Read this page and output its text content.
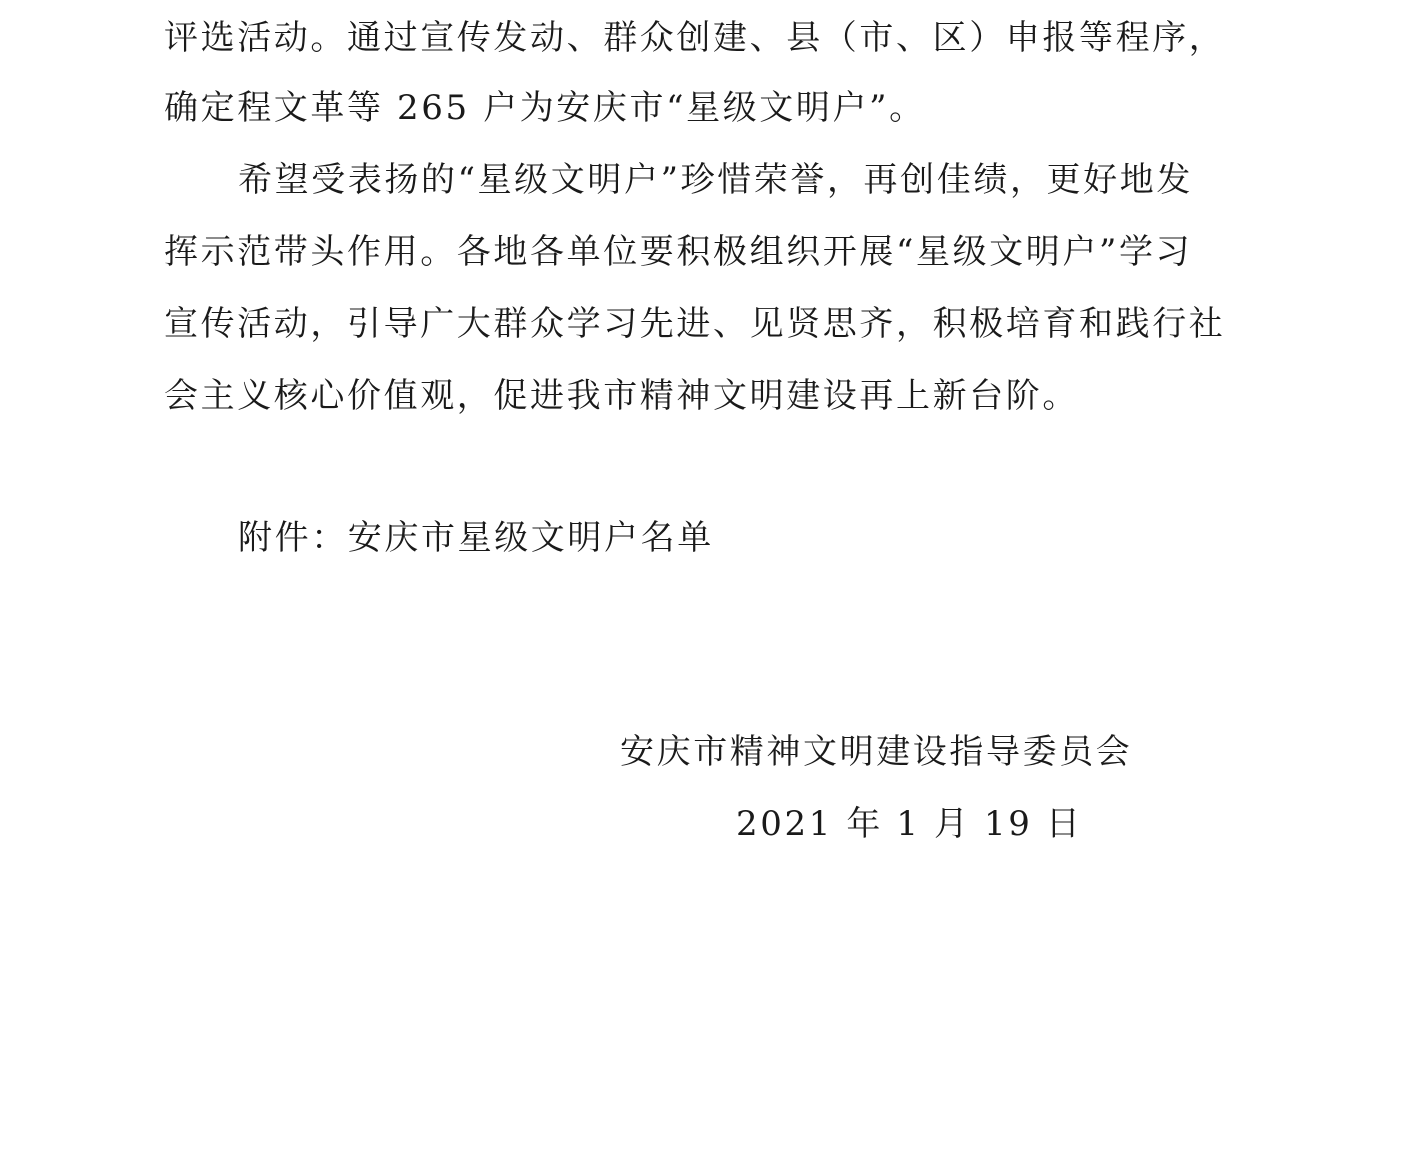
评选活动。通过宣传发动、群众创建、县（市、区）申报等程序，
确定程文革等 265 户为安庆市“星级文明户”。
希望受表扬的“星级文明户”珍惜荣誉，再创佳绩，更好地发
挥示范带头作用。各地各单位要积极组织开展“星级文明户”学习
宣传活动，引导广大群众学习先进、见贤思齐，积极培育和践行社
会主义核心价值观，促进我市精神文明建设再上新台阶。
附件：安庆市星级文明户名单
安庆市精神文明建设指导委员会
2021 年 1 月 19 日
